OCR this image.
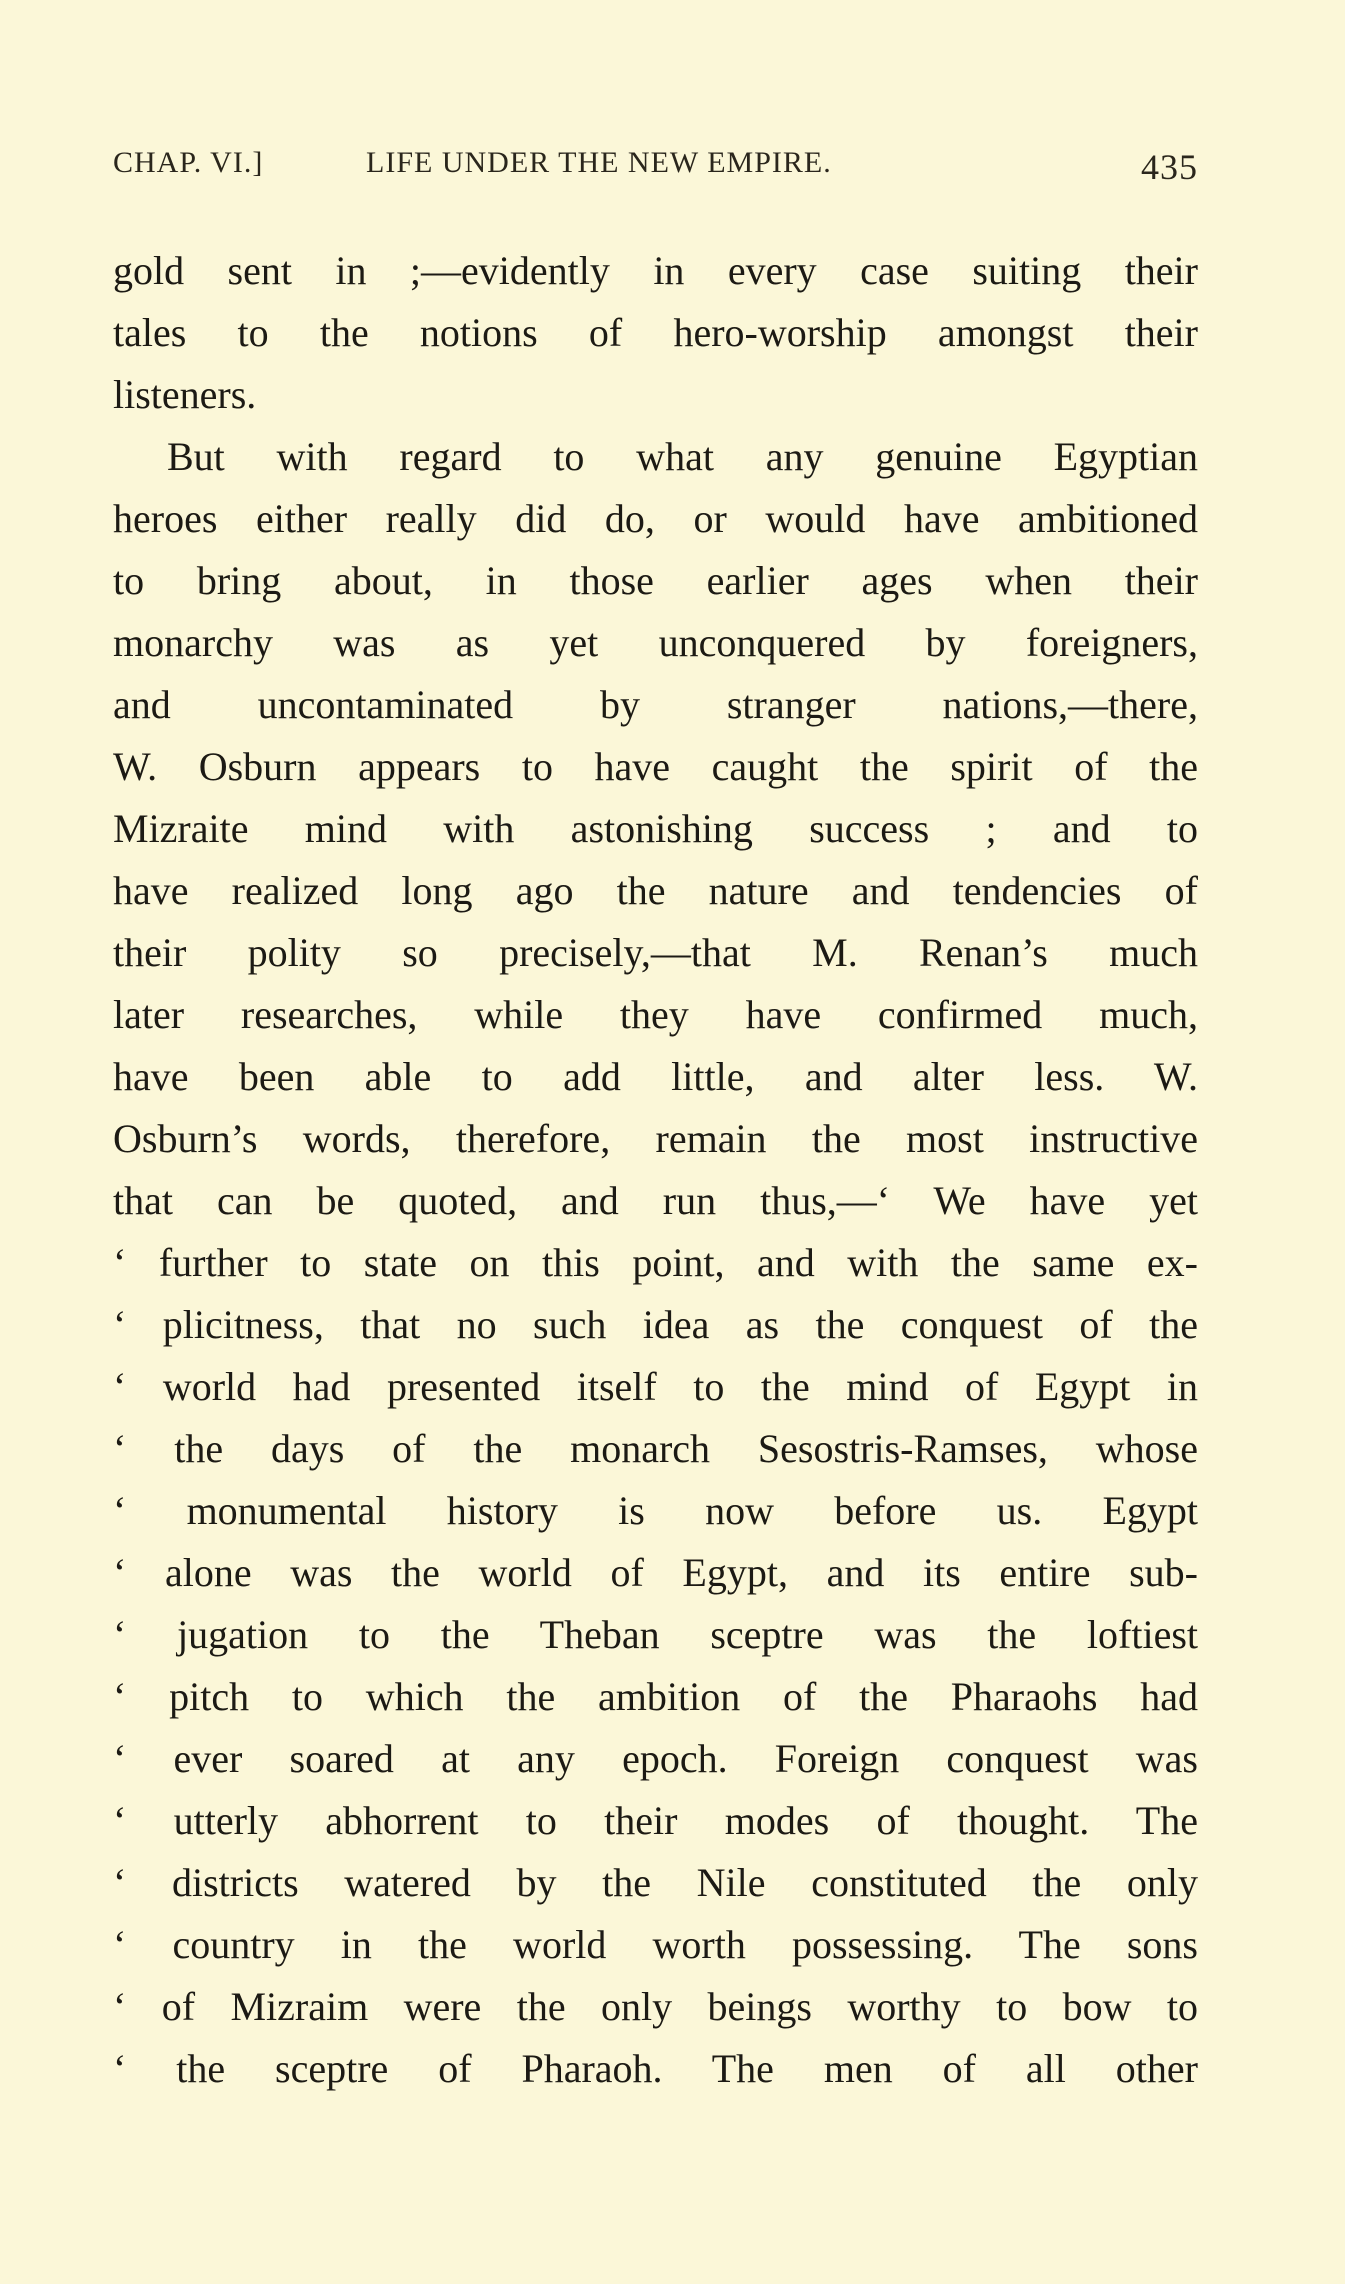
CHAP. VI.]	LIFE UNDER THE NEW EMPIRE.	435
gold sent in ;—evidently in every case suiting their
tales to the notions of hero-worship amongst their
listeners.
But with regard to what any genuine Egyptian
heroes either really did do, or would have ambitioned
to bring about, in those earlier ages when their
monarchy was as yet unconquered by foreigners,
and uncontaminated by stranger nations,—there,
W. Osburn appears to have caught the spirit of the
Mizraite mind with astonishing success ; and to
have realized long ago the nature and tendencies of
their polity so precisely,—that M. Renan’s much
later researches, while they have confirmed much,
have been able to add little, and alter less. W.
Osburn’s words, therefore, remain the most instructive
that can be quoted, and run thus,—‘ We have yet
‘ further to state on this point, and with the same ex-
‘ plicitness, that no such idea as the conquest of the
‘ world had presented itself to the mind of Egypt in
‘ the days of the monarch Sesostris-Ramses, whose
‘ monumental history is now before us. Egypt
‘ alone was the world of Egypt, and its entire sub-
‘ jugation to the Theban sceptre was the loftiest
‘ pitch to which the ambition of the Pharaohs had
‘ ever soared at any epoch. Foreign conquest was
‘ utterly abhorrent to their modes of thought. The
‘ districts watered by the Nile constituted the only
‘ country in the world worth possessing. The sons
‘ of Mizraim were the only beings worthy to bow to
‘ the sceptre of Pharaoh. The men of all other
